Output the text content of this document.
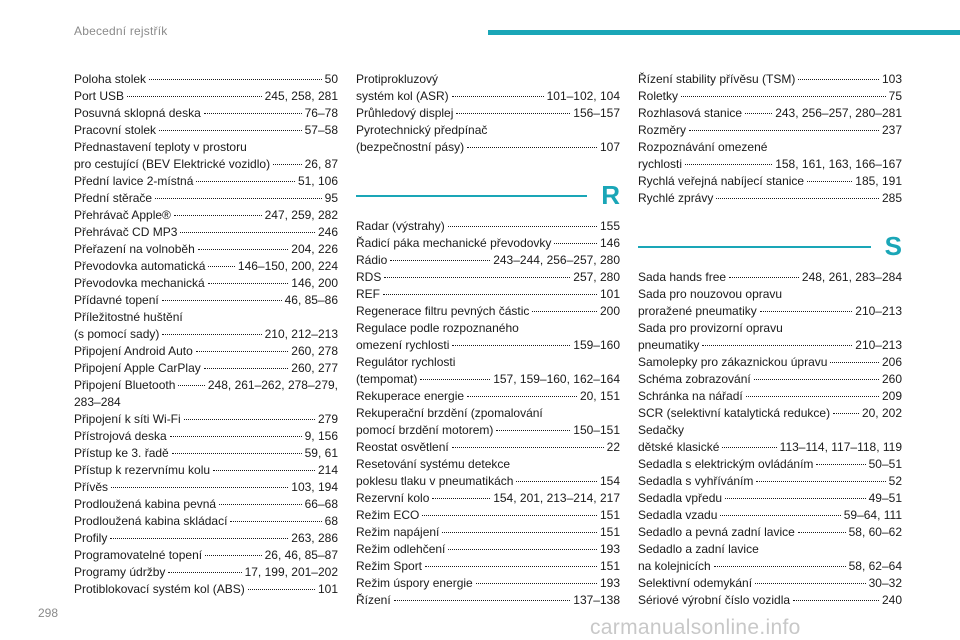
Abecední rejstřík
Poloha stolek	50
Port USB	245, 258, 281
Posuvná sklopná deska	76–78
Pracovní stolek	57–58
Přednastavení teploty v prostoru
pro cestující (BEV Elektrické vozidlo)	26, 87
Přední lavice 2-místná	51, 106
Přední stěrače	95
Přehrávač Apple®	247, 259, 282
Přehrávač CD MP3	246
Přeřazení na volnoběh	204, 226
Převodovka automatická	146–150, 200, 224
Převodovka mechanická	146, 200
Přídavné topení	46, 85–86
Příležitostné huštění
(s pomocí sady)	210, 212–213
Připojení Android Auto	260, 278
Připojení Apple CarPlay	260, 277
Připojení Bluetooth	248, 261–262, 278–279,
283–284
Připojení k síti Wi-Fi	279
Přístrojová deska	9, 156
Přístup ke 3. řadě	59, 61
Přístup k rezervnímu kolu	214
Přívěs	103, 194
Prodloužená kabina pevná	66–68
Prodloužená kabina skládací	68
Profily	263, 286
Programovatelné topení	26, 46, 85–87
Programy údržby	17, 199, 201–202
Protiblokovací systém kol (ABS)	101
Protiprokluzový
systém kol (ASR)	101–102, 104
Průhledový displej	156–157
Pyrotechnický předpínač
(bezpečnostní pásy)	107
R
Radar (výstrahy)	155
Řadicí páka mechanické převodovky	146
Rádio	243–244, 256–257, 280
RDS	257, 280
REF	101
Regenerace filtru pevných částic	200
Regulace podle rozpoznaného
omezení rychlosti	159–160
Regulátor rychlosti
(tempomat)	157, 159–160, 162–164
Rekuperace energie	20, 151
Rekuperační brzdění (zpomalování
pomocí brzdění motorem)	150–151
Reostat osvětlení	22
Resetování systému detekce
poklesu tlaku v pneumatikách	154
Rezervní kolo	154, 201, 213–214, 217
Režim ECO	151
Režim napájení	151
Režim odlehčení	193
Režim Sport	151
Režim úspory energie	193
Řízení	137–138
Řízení stability přívěsu (TSM)	103
Roletky	75
Rozhlasová stanice	243, 256–257, 280–281
Rozměry	237
Rozpoznávání omezené
rychlosti	158, 161, 163, 166–167
Rychlá veřejná nabíjecí stanice	185, 191
Rychlé zprávy	285
S
Sada hands free	248, 261, 283–284
Sada pro nouzovou opravu
proražené pneumatiky	210–213
Sada pro provizorní opravu
pneumatiky	210–213
Samolepky pro zákaznickou úpravu	206
Schéma zobrazování	260
Schránka na nářadí	209
SCR (selektivní katalytická redukce)	20, 202
Sedačky
dětské klasické	113–114, 117–118, 119
Sedadla s elektrickým ovládáním	50–51
Sedadla s vyhříváním	52
Sedadla vpředu	49–51
Sedadla vzadu	59–64, 111
Sedadlo a pevná zadní lavice	58, 60–62
Sedadlo a zadní lavice
na kolejnicích	58, 62–64
Selektivní odemykání	30–32
Sériové výrobní číslo vozidla	240
298
carmanualsonline.info
